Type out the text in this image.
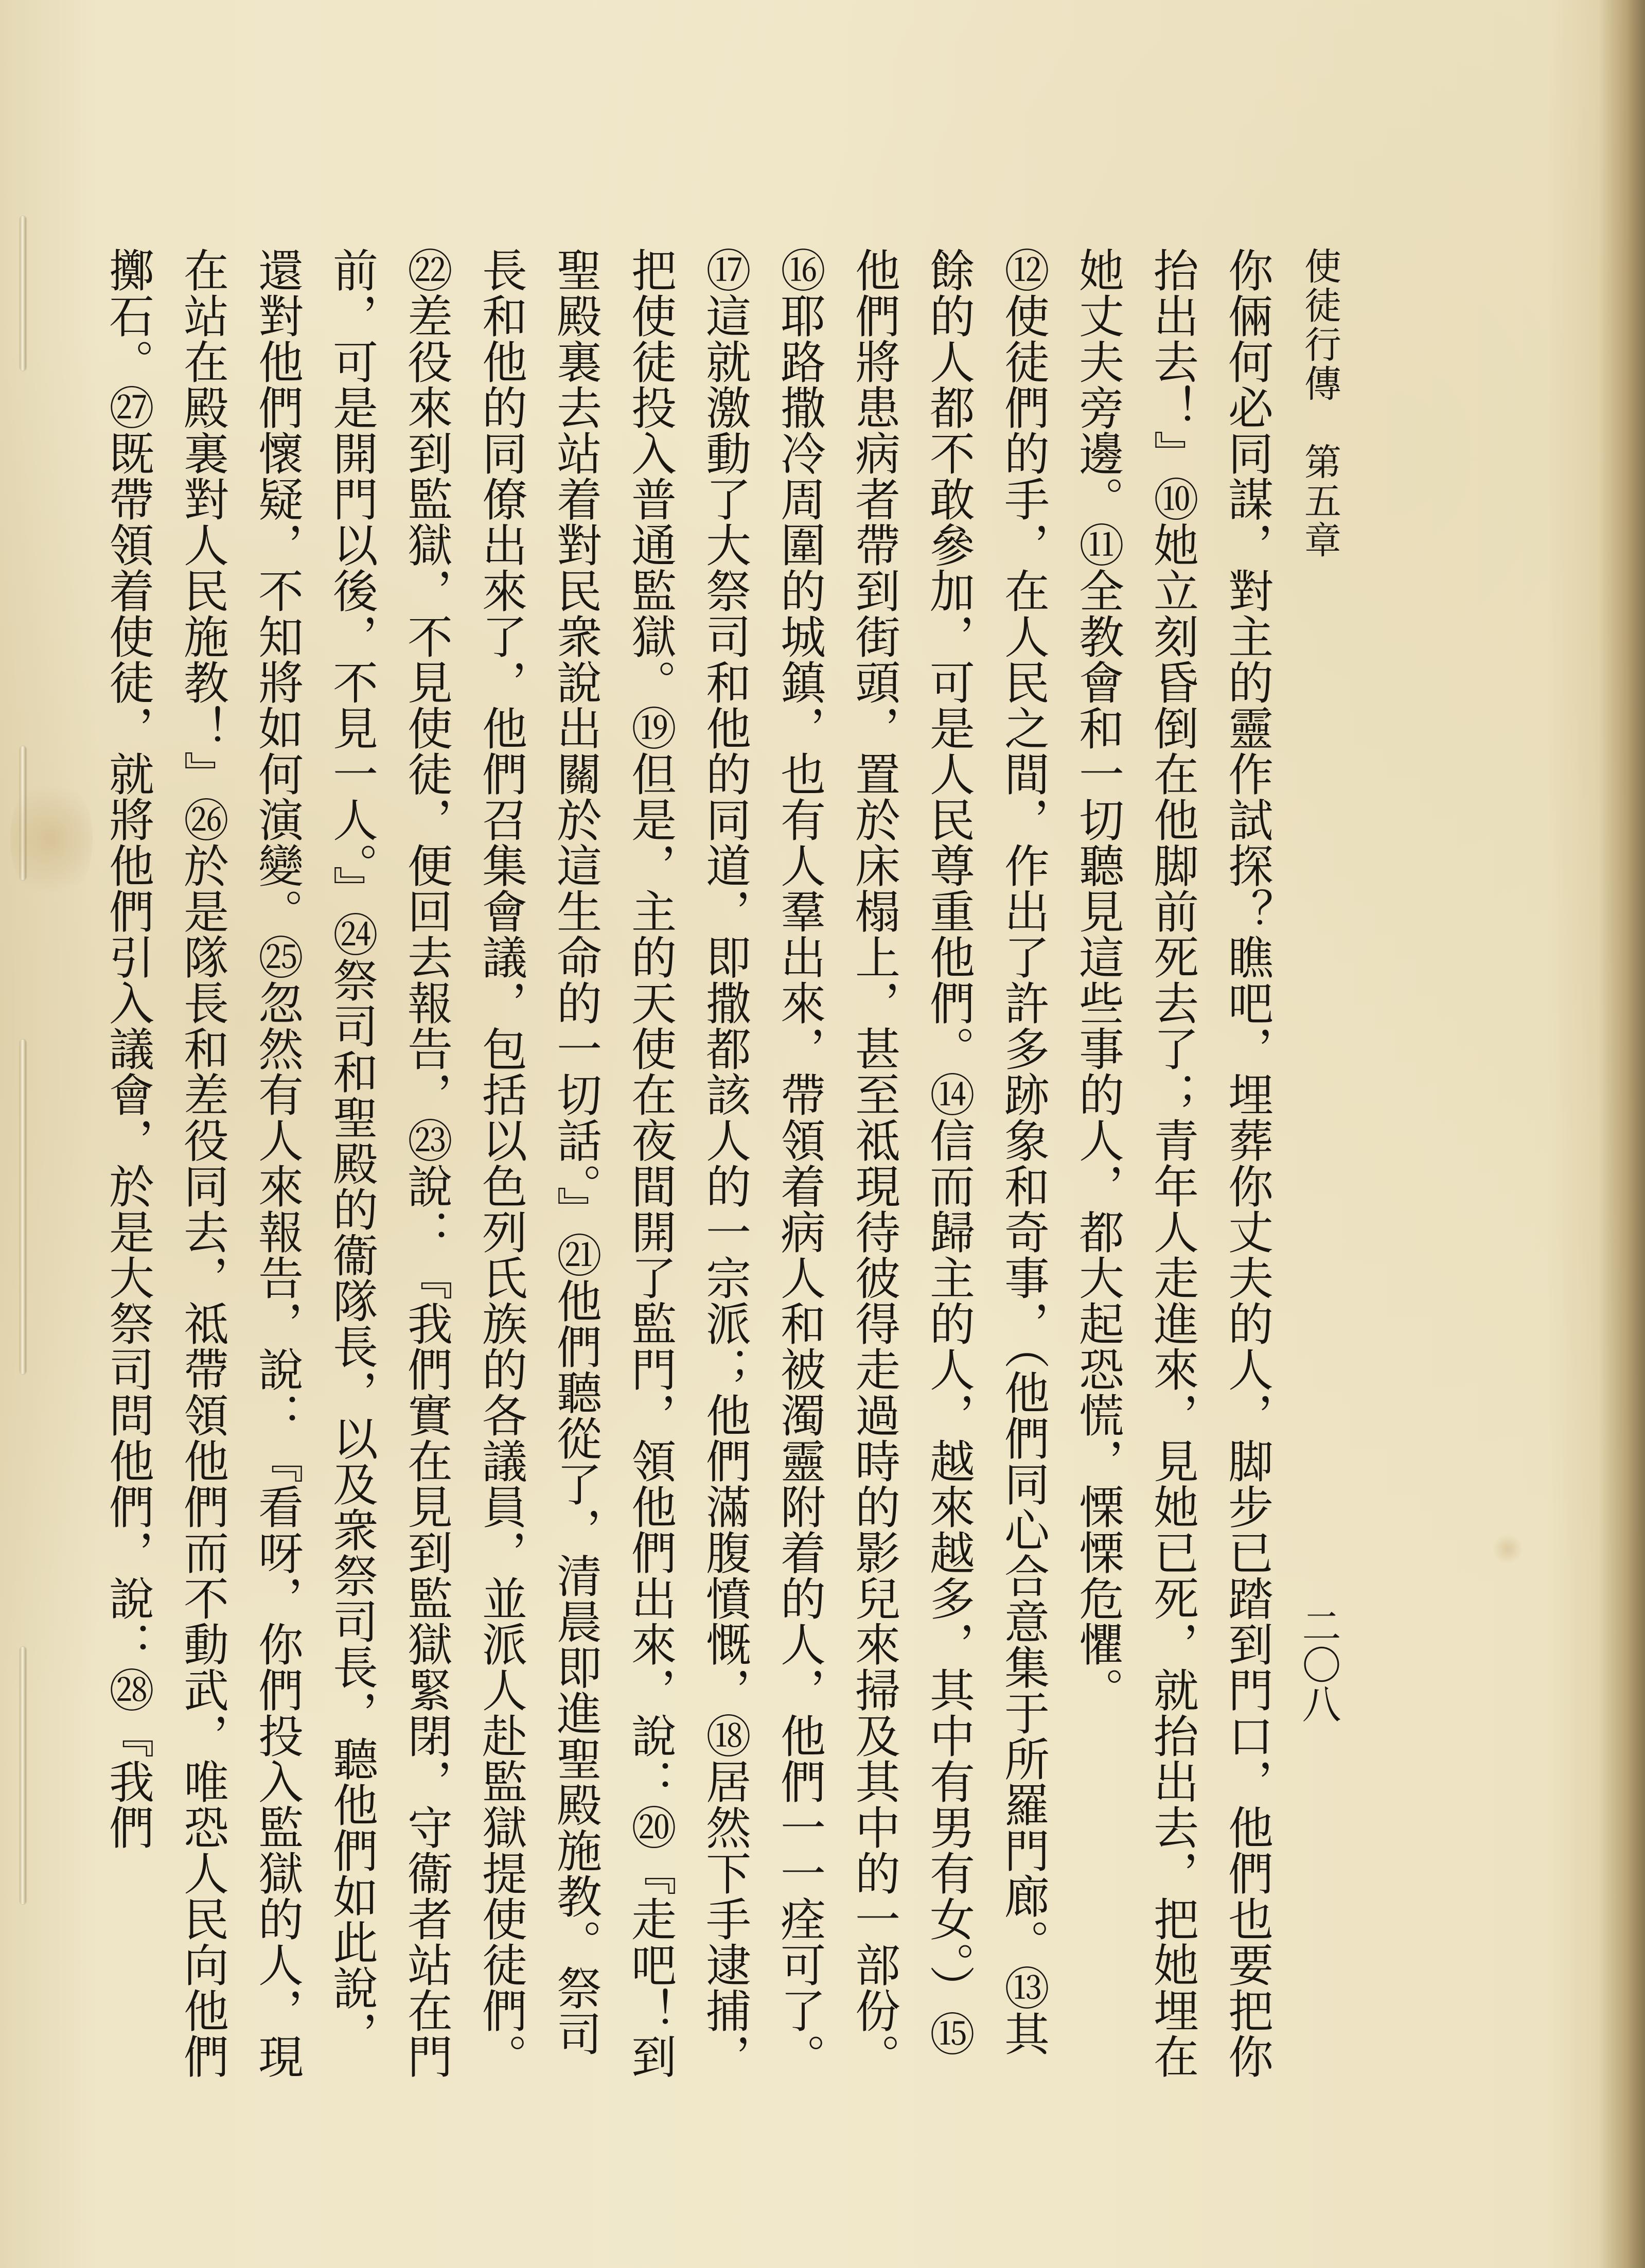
使徒行傳　第五章
二〇八

你倆何必同謀，對主的靈作試探？瞧吧，埋葬你丈夫的人，脚步已踏到門口，他們也要把你抬出去！』⑩她立刻昏倒在他脚前死去了；青年人走進來，見她已死，就抬出去，把她埋在她丈夫旁邊。⑪全教會和一切聽見這些事的人，都大起恐慌，慄慄危懼。

⑫使徒們的手，在人民之間，作出了許多跡象和奇事，（他們同心合意集于所羅門廊。⑬其餘的人都不敢參加，可是人民尊重他們。⑭信而歸主的人，越來越多，其中有男有女。）⑮他們將患病者帶到街頭，置於床榻上，甚至祗現待彼得走過時的影兒來掃及其中的一部份。⑯耶路撒冷周圍的城鎮，也有人羣出來，帶領着病人和被濁靈附着的人，他們一一痊可了。

⑰這就激動了大祭司和他的同道，即撒都該人的一宗派；他們滿腹憤慨，⑱居然下手逮捕，把使徒投入普通監獄。⑲但是，主的天使在夜間開了監門，領他們出來，說：⑳『走吧！到聖殿裏去站着對民衆說出關於這生命的一切話。』㉑他們聽從了，清晨即進聖殿施教。祭司長和他的同僚出來了，他們召集會議，包括以色列氏族的各議員，並派人赴監獄提使徒們。㉒差役來到監獄，不見使徒，便回去報告，㉓說：『我們實在見到監獄緊閉，守衞者站在門前，可是開門以後，不見一人。』㉔祭司和聖殿的衞隊長，以及衆祭司長，聽他們如此說，還對他們懷疑，不知將如何演變。㉕忽然有人來報告，說：『看呀，你們投入監獄的人，現在站在殿裏對人民施教！』㉖於是隊長和差役同去，祗帶領他們而不動武，唯恐人民向他們擲石。㉗既帶領着使徒，就將他們引入議會，於是大祭司問他們，說：㉘『我們
